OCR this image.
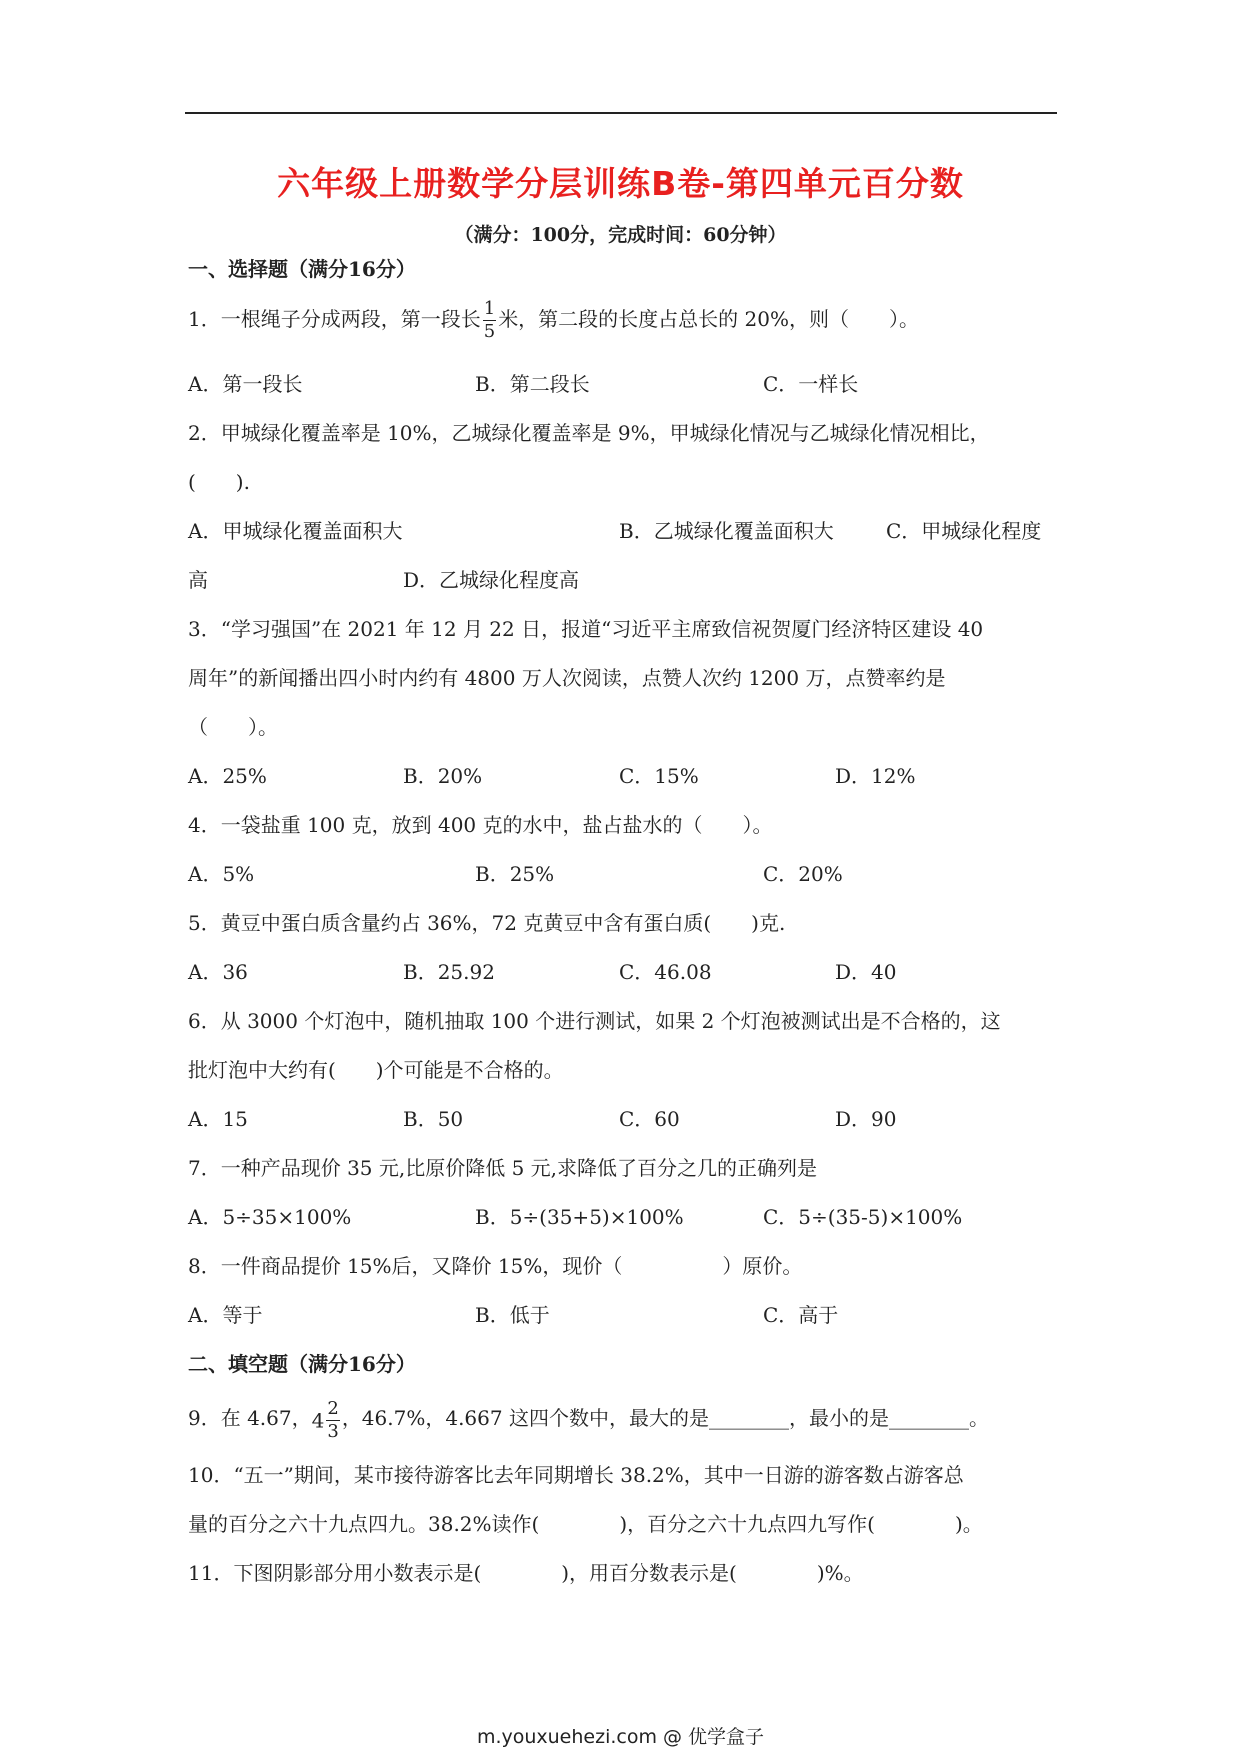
六年级上册数学分层训练B卷-第四单元百分数
（满分：100分，完成时间：60分钟）
一、选择题（满分16分）
1．一根绳子分成两段，第一段长 $\frac{1}{5}$ 米，第二段的长度占总长的 20%，则（　　）。
A．第一段长	B．第二段长	C．一样长
2．甲城绿化覆盖率是 10%，乙城绿化覆盖率是 9%，甲城绿化情况与乙城绿化情况相比，
(　　).
A．甲城绿化覆盖面积大	B．乙城绿化覆盖面积大	C．甲城绿化程度
高	D．乙城绿化程度高
3．“学习强国”在 2021 年 12 月 22 日，报道“习近平主席致信祝贺厦门经济特区建设 40
周年”的新闻播出四小时内约有 4800 万人次阅读，点赞人次约 1200 万，点赞率约是
（　　）。
A．25%	B．20%	C．15%	D．12%
4．一袋盐重 100 克，放到 400 克的水中，盐占盐水的（　　）。
A．5%	B．25%	C．20%
5．黄豆中蛋白质含量约占 36%，72 克黄豆中含有蛋白质(　　)克.
A．36	B．25.92	C．46.08	D．40
6．从 3000 个灯泡中，随机抽取 100 个进行测试，如果 2 个灯泡被测试出是不合格的，这
批灯泡中大约有(　　)个可能是不合格的。
A．15	B．50	C．60	D．90
7．一种产品现价 35 元,比原价降低 5 元,求降低了百分之几的正确列是
A．5÷35×100%	B．5÷(35+5)×100%	C．5÷(35-5)×100%
8．一件商品提价 15%后，又降价 15%，现价（　　　　　）原价。
A．等于	B．低于	C．高于
二、填空题（满分16分）
9．在 4.67，$4 \frac{2}{3}$ ，46.7%，4.667 这四个数中，最大的是________，最小的是________。
10．“五一”期间，某市接待游客比去年同期增长 38.2%，其中一日游的游客数占游客总
量的百分之六十九点四九。38.2%读作(　　　　)，百分之六十九点四九写作(　　　　)。
11．下图阴影部分用小数表示是(　　　　)，用百分数表示是(　　　　)%。
m.youxuehezi.com @ 优学盒子
